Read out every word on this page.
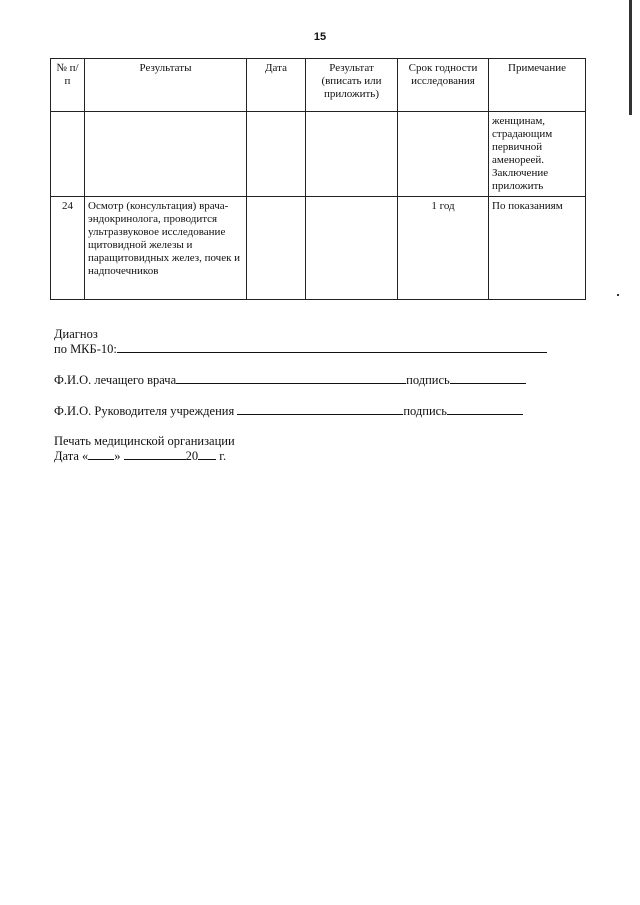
15
№ п/п	Результаты	Дата	Результат (вписать или приложить)	Срок годности исследования	Примечание
					женщинам, страдающим первичной аменореей. Заключение приложить
24	Осмотр (консультация) врача-эндокринолога, проводится ультразвуковое исследование щитовидной железы и паращитовидных желез, почек и надпочечников			1 год	По показаниям
Диагноз
по МКБ-10:
Ф.И.О. лечащего врача	подпись
Ф.И.О. Руководителя учреждения	подпись
Печать медицинской организации
Дата « »	20 г.
